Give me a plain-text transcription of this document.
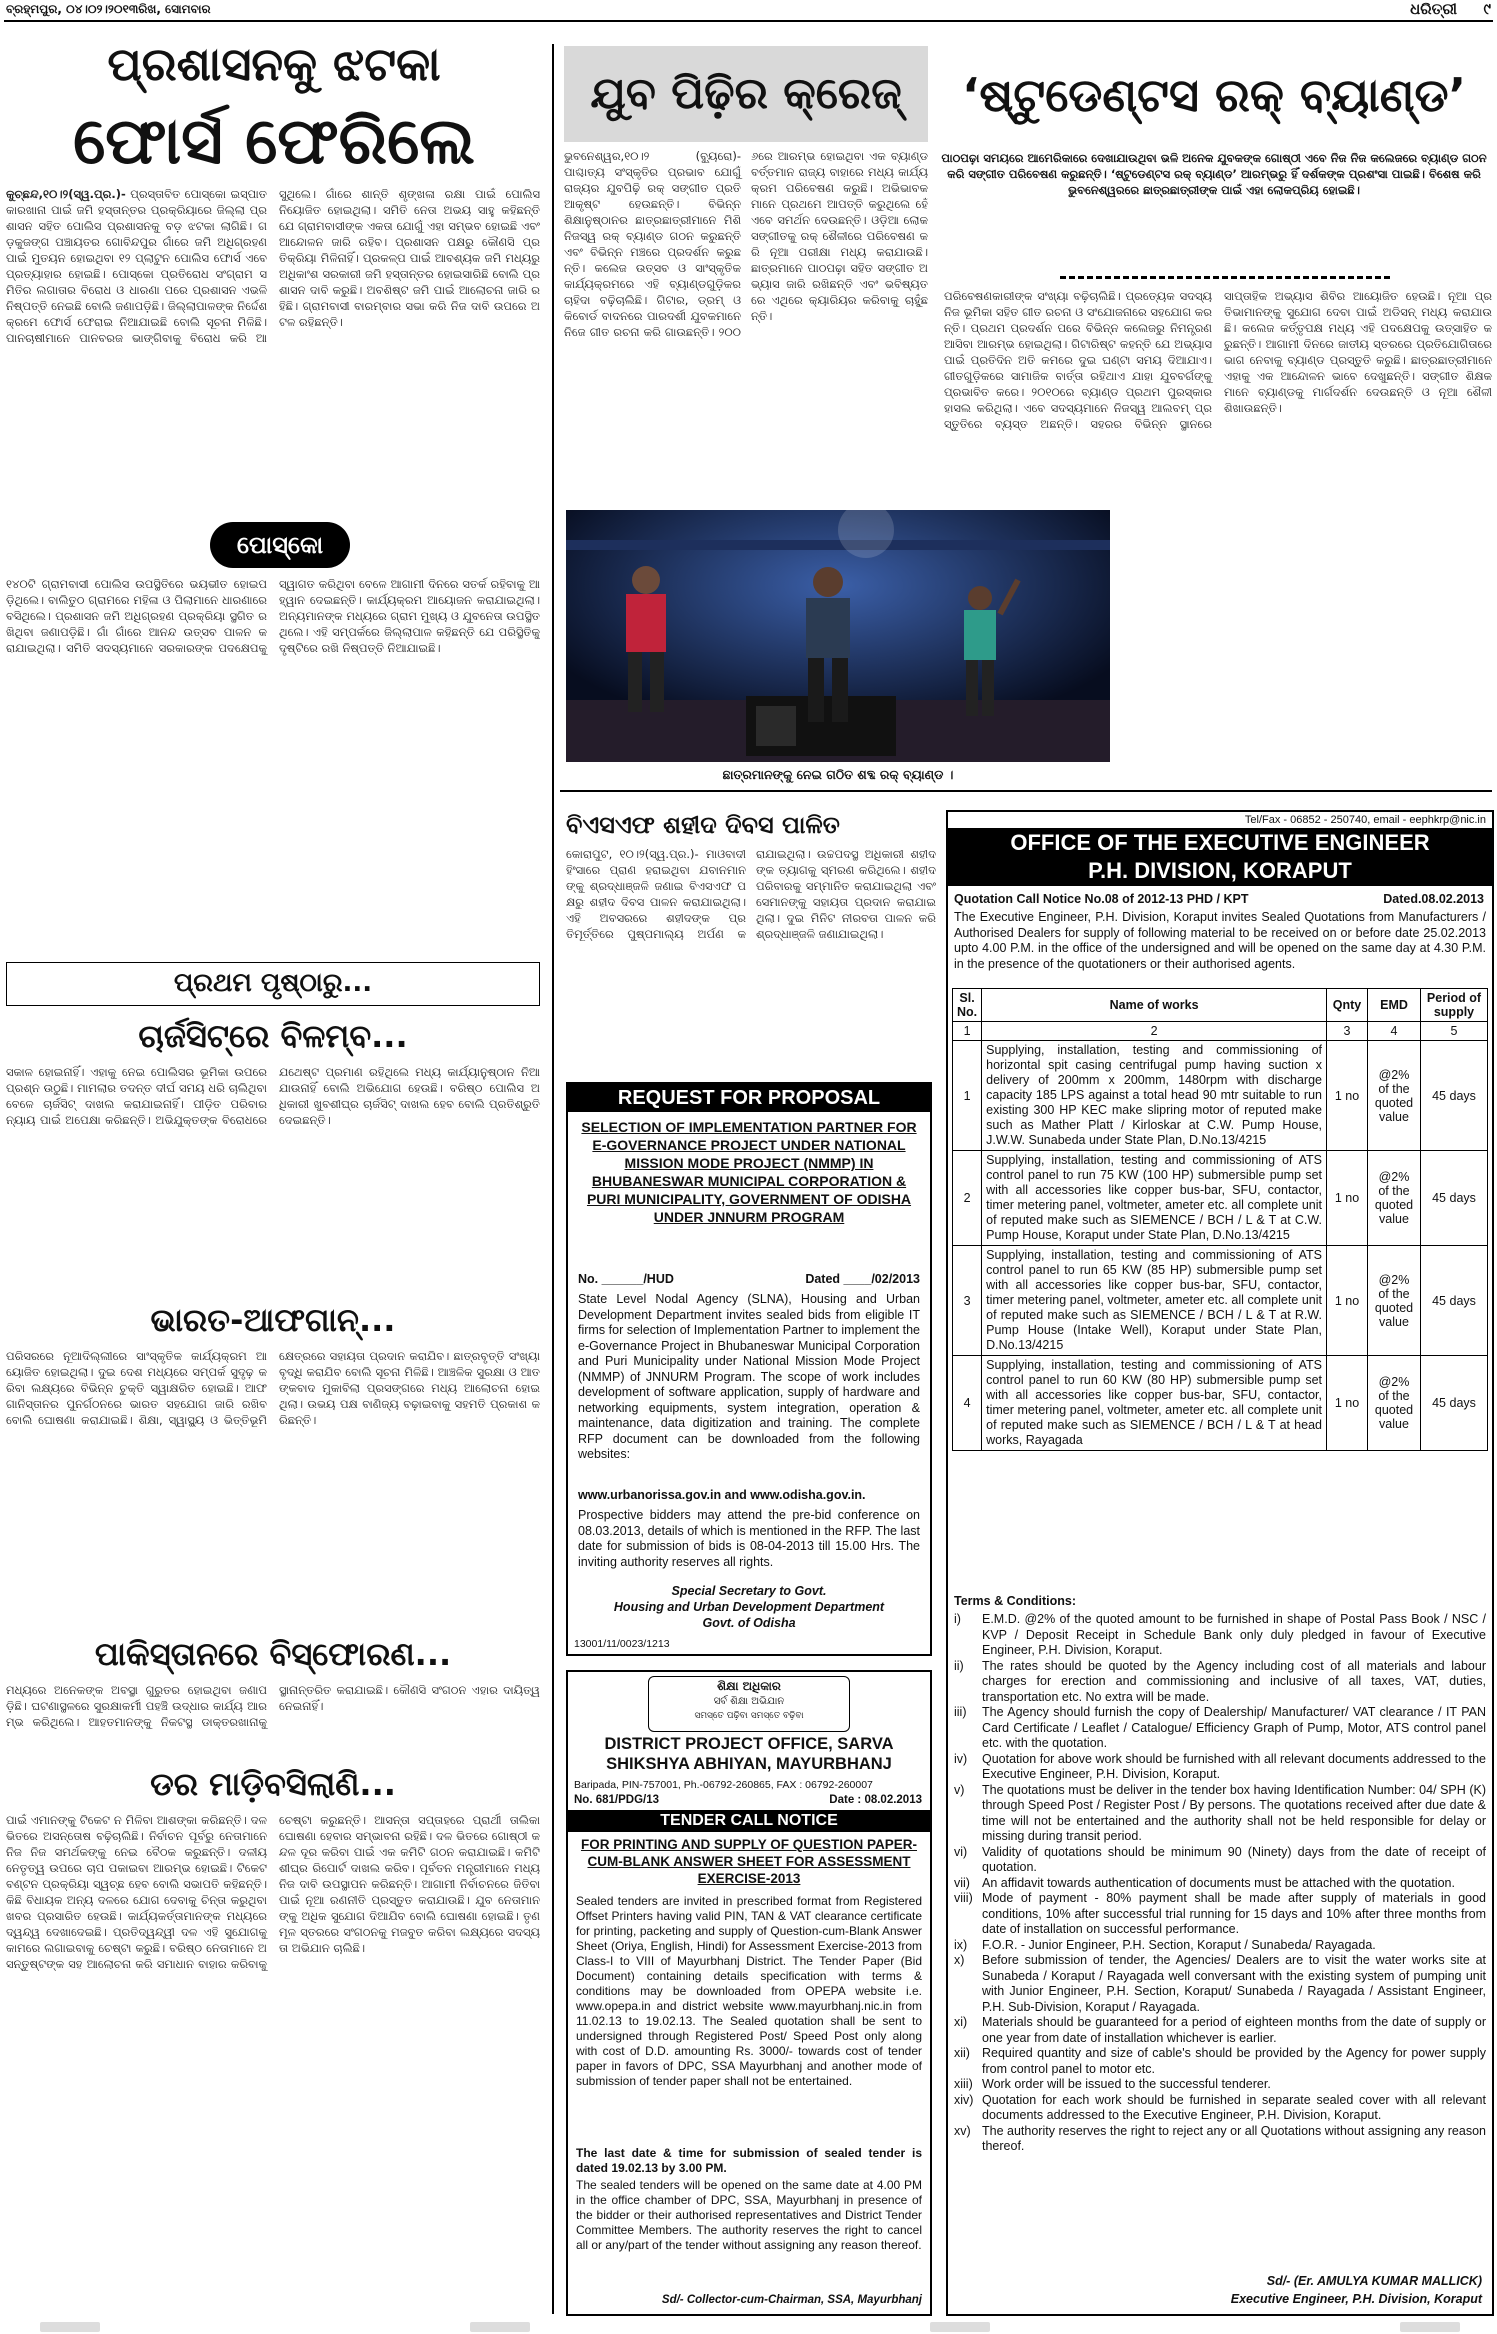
ବ୍ରହ୍ମପୁର, ୦୪।୦୨।୨୦୧୩ରିଖ, ସୋମବାର	ଧରିତ୍ରୀ ୯
ପ୍ରଶାସନକୁ ଝଟକା
ଫୋର୍ସ ଫେରିଲେ
କୁଚ୍ଛନ୍ଦ,୧୦।୨(ସ୍ୱ.ପ୍ର.)- ପ୍ରସ୍ତାବିତ ପୋସ୍କୋ ଇସ୍ପାତ କାରଖାନା ପାଇଁ ଜମି ହସ୍ତାନ୍ତର ପ୍ରକ୍ରିୟାରେ ଜିଲ୍ଲା ପ୍ରଶାସନ ସହିତ ପୋଲିସ ପ୍ରଶାସନକୁ ବଡ଼ ଝଟକା ଲାଗିଛି। ଗଡ଼କୁଜଙ୍ଗ ପଞ୍ଚାୟତର ଗୋବିନ୍ଦପୁର ଗାଁରେ ଜମି ଅଧିଗ୍ରହଣ ପାଇଁ ମୁତୟନ ହୋଇଥିବା ୧୨ ପ୍ଲାଟୁନ ପୋଲିସ ଫୋର୍ସ ଏବେ ପ୍ରତ୍ୟାହାର ହୋଇଛି। ପୋସ୍କୋ ପ୍ରତିରୋଧ ସଂଗ୍ରାମ ସମିତିର ଲଗାତାର ବିରୋଧ ଓ ଧାରଣା ପରେ ପ୍ରଶାସନ ଏଭଳି ନିଷ୍ପତ୍ତି ନେଇଛି ବୋଲି ଜଣାପଡ଼ିଛି। ଜିଲ୍ଲାପାଳଙ୍କ ନିର୍ଦ୍ଦେଶ କ୍ରମେ ଫୋର୍ସ ଫେରାଇ ନିଆଯାଇଛି ବୋଲି ସୂଚନା ମିଳିଛି। ପାନଚାଷୀମାନେ ପାନବରଜ ଭାଙ୍ଗିବାକୁ ବିରୋଧ କରି ଆସୁଥିଲେ। ଗାଁରେ ଶାନ୍ତି ଶୃଙ୍ଖଳା ରକ୍ଷା ପାଇଁ ପୋଲିସ ନିୟୋଜିତ ହୋଇଥିଲା। ସମିତି ନେତା ଅଭୟ ସାହୁ କହିଛନ୍ତି ଯେ ଗ୍ରାମବାସୀଙ୍କ ଏକତା ଯୋଗୁଁ ଏହା ସମ୍ଭବ ହୋଇଛି ଏବଂ ଆନ୍ଦୋଳନ ଜାରି ରହିବ। ପ୍ରଶାସନ ପକ୍ଷରୁ କୌଣସି ପ୍ରତିକ୍ରିୟା ମିଳିନାହିଁ। ପ୍ରକଳ୍ପ ପାଇଁ ଆବଶ୍ୟକ ଜମି ମଧ୍ୟରୁ ଅଧିକାଂଶ ସରକାରୀ ଜମି ହସ୍ତାନ୍ତର ହୋଇସାରିଛି ବୋଲି ପ୍ରଶାସନ ଦାବି କରୁଛି। ଅବଶିଷ୍ଟ ଜମି ପାଇଁ ଆଲୋଚନା ଜାରି ରହିଛି। ଗ୍ରାମବାସୀ ବାରମ୍ବାର ସଭା କରି ନିଜ ଦାବି ଉପରେ ଅଟଳ ରହିଛନ୍ତି।
ପୋସ୍କୋ
୧୪୦ଟି ଗ୍ରାମବାସୀ ପୋଲିସ ଉପସ୍ଥିତିରେ ଭୟଭୀତ ହୋଇପଡ଼ିଥିଲେ। ବାଲିତୁଠ ଗ୍ରାମରେ ମହିଳା ଓ ପିଲାମାନେ ଧାରଣାରେ ବସିଥିଲେ। ପ୍ରଶାସନ ଜମି ଅଧିଗ୍ରହଣ ପ୍ରକ୍ରିୟା ସ୍ଥଗିତ ରଖିଥିବା ଜଣାପଡ଼ିଛି। ଗାଁ ଗାଁରେ ଆନନ୍ଦ ଉତ୍ସବ ପାଳନ କରାଯାଇଥିଲା। ସମିତି ସଦସ୍ୟମାନେ ସରକାରଙ୍କ ପଦକ୍ଷେପକୁ ସ୍ୱାଗତ କରିଥିବା ବେଳେ ଆଗାମୀ ଦିନରେ ସତର୍କ ରହିବାକୁ ଆହ୍ୱାନ ଦେଇଛନ୍ତି। କାର୍ଯ୍ୟକ୍ରମ ଆୟୋଜନ କରାଯାଇଥିଲା। ଅନ୍ୟମାନଙ୍କ ମଧ୍ୟରେ ଗ୍ରାମ ମୁଖ୍ୟ ଓ ଯୁବନେତା ଉପସ୍ଥିତ ଥିଲେ। ଏହି ସମ୍ପର୍କରେ ଜିଲ୍ଲାପାଳ କହିଛନ୍ତି ଯେ ପରିସ୍ଥିତିକୁ ଦୃଷ୍ଟିରେ ରଖି ନିଷ୍ପତ୍ତି ନିଆଯାଇଛି।
ପ୍ରଥମ ପୃଷ୍ଠାରୁ...
ଚାର୍ଜସିଟ୍‌ରେ ବିଳମ୍ବ...
ସକାଳ ହୋଇନାହିଁ। ଏହାକୁ ନେଇ ପୋଲିସର ଭୂମିକା ଉପରେ ପ୍ରଶ୍ନ ଉଠୁଛି। ମାମଲାର ତଦନ୍ତ ଦୀର୍ଘ ସମୟ ଧରି ଚାଲିଥିବା ବେଳେ ଚାର୍ଜସିଟ୍ ଦାଖଲ କରାଯାଇନାହିଁ। ପୀଡ଼ିତ ପରିବାର ନ୍ୟାୟ ପାଇଁ ଅପେକ୍ଷା କରିଛନ୍ତି। ଅଭିଯୁକ୍ତଙ୍କ ବିରୋଧରେ ଯଥେଷ୍ଟ ପ୍ରମାଣ ରହିଥିଲେ ମଧ୍ୟ କାର୍ଯ୍ୟାନୁଷ୍ଠାନ ନିଆଯାଉନାହିଁ ବୋଲି ଅଭିଯୋଗ ହେଉଛି। ବରିଷ୍ଠ ପୋଲିସ ଅଧିକାରୀ ଖୁବଶୀଘ୍ର ଚାର୍ଜସିଟ୍ ଦାଖଲ ହେବ ବୋଲି ପ୍ରତିଶ୍ରୁତି ଦେଇଛନ୍ତି।
ଭାରତ-ଆଫଗାନ୍...
ପରିସରରେ ନୂଆଦିଲ୍ଲୀରେ ସାଂସ୍କୃତିକ କାର୍ଯ୍ୟକ୍ରମ ଆୟୋଜିତ ହୋଇଥିଲା। ଦୁଇ ଦେଶ ମଧ୍ୟରେ ସମ୍ପର୍କ ସୁଦୃଢ଼ କରିବା ଲକ୍ଷ୍ୟରେ ବିଭିନ୍ନ ଚୁକ୍ତି ସ୍ୱାକ୍ଷରିତ ହୋଇଛି। ଆଫଗାନିସ୍ତାନର ପୁନର୍ଗଠନରେ ଭାରତ ସହଯୋଗ ଜାରି ରଖିବ ବୋଲି ଘୋଷଣା କରାଯାଇଛି। ଶିକ୍ଷା, ସ୍ୱାସ୍ଥ୍ୟ ଓ ଭିତ୍ତିଭୂମି କ୍ଷେତ୍ରରେ ସହାୟତା ପ୍ରଦାନ କରାଯିବ। ଛାତ୍ରବୃତ୍ତି ସଂଖ୍ୟା ବୃଦ୍ଧି କରାଯିବ ବୋଲି ସୂଚନା ମିଳିଛି। ଆଞ୍ଚଳିକ ସୁରକ୍ଷା ଓ ଆତଙ୍କବାଦ ମୁକାବିଲା ପ୍ରସଙ୍ଗରେ ମଧ୍ୟ ଆଲୋଚନା ହୋଇଥିଲା। ଉଭୟ ପକ୍ଷ ବାଣିଜ୍ୟ ବଢ଼ାଇବାକୁ ସହମତି ପ୍ରକାଶ କରିଛନ୍ତି।
ପାକିସ୍ତାନରେ ବିସ୍ଫୋରଣ...
ମଧ୍ୟରେ ଅନେକଙ୍କ ଅବସ୍ଥା ଗୁରୁତର ହୋଇଥିବା ଜଣାପଡ଼ିଛି। ଘଟଣାସ୍ଥଳରେ ସୁରକ୍ଷାକର୍ମୀ ପହଞ୍ଚି ଉଦ୍ଧାର କାର୍ଯ୍ୟ ଆରମ୍ଭ କରିଥିଲେ। ଆହତମାନଙ୍କୁ ନିକଟସ୍ଥ ଡାକ୍ତରଖାନାକୁ ସ୍ଥାନାନ୍ତରିତ କରାଯାଇଛି। କୌଣସି ସଂଗଠନ ଏହାର ଦାୟିତ୍ୱ ନେଇନାହିଁ।
ଡର ମାଡ଼ିବସିଲାଣି...
ପାଇଁ ଏମାନଙ୍କୁ ଟିକେଟ ନ ମିଳିବା ଆଶଙ୍କା କରିଛନ୍ତି। ଦଳ ଭିତରେ ଅସନ୍ତୋଷ ବଢ଼ିଚାଲିଛି। ନିର୍ବାଚନ ପୂର୍ବରୁ ନେତାମାନେ ନିଜ ନିଜ ସମର୍ଥକଙ୍କୁ ନେଇ ବୈଠକ କରୁଛନ୍ତି। ଦଳୀୟ ନେତୃତ୍ୱ ଉପରେ ଚାପ ପକାଇବା ଆରମ୍ଭ ହୋଇଛି। ଟିକେଟ ବଣ୍ଟନ ପ୍ରକ୍ରିୟା ସ୍ୱଚ୍ଛ ହେବ ବୋଲି ସଭାପତି କହିଛନ୍ତି। କିଛି ବିଧାୟକ ଅନ୍ୟ ଦଳରେ ଯୋଗ ଦେବାକୁ ଚିନ୍ତା କରୁଥିବା ଖବର ପ୍ରସାରିତ ହେଉଛି। କାର୍ଯ୍ୟକର୍ତ୍ତାମାନଙ୍କ ମଧ୍ୟରେ ଦ୍ୱନ୍ଦ୍ୱ ଦେଖାଦେଇଛି। ପ୍ରତିଦ୍ୱନ୍ଦ୍ୱୀ ଦଳ ଏହି ସୁଯୋଗକୁ କାମରେ ଲଗାଇବାକୁ ଚେଷ୍ଟା କରୁଛି। ବରିଷ୍ଠ ନେତାମାନେ ଅସନ୍ତୁଷ୍ଟଙ୍କ ସହ ଆଲୋଚନା କରି ସମାଧାନ ବାହାର କରିବାକୁ ଚେଷ୍ଟା କରୁଛନ୍ତି। ଆସନ୍ତା ସପ୍ତାହରେ ପ୍ରାର୍ଥୀ ତାଲିକା ଘୋଷଣା ହେବାର ସମ୍ଭାବନା ରହିଛି। ଦଳ ଭିତରେ ଗୋଷ୍ଠୀ କନ୍ଦଳ ଦୂର କରିବା ପାଇଁ ଏକ କମିଟି ଗଠନ କରାଯାଇଛି। କମିଟି ଶୀଘ୍ର ରିପୋର୍ଟ ଦାଖଲ କରିବ। ପୂର୍ବତନ ମନ୍ତ୍ରୀମାନେ ମଧ୍ୟ ନିଜ ଦାବି ଉପସ୍ଥାପନ କରିଛନ୍ତି। ଆଗାମୀ ନିର୍ବାଚନରେ ଜିତିବା ପାଇଁ ନୂଆ ରଣନୀତି ପ୍ରସ୍ତୁତ କରାଯାଉଛି। ଯୁବ ନେତାମାନଙ୍କୁ ଅଧିକ ସୁଯୋଗ ଦିଆଯିବ ବୋଲି ଘୋଷଣା ହୋଇଛି। ତୃଣମୂଳ ସ୍ତରରେ ସଂଗଠନକୁ ମଜବୁତ କରିବା ଲକ୍ଷ୍ୟରେ ସଦସ୍ୟତା ଅଭିଯାନ ଚାଲିଛି।
ଯୁବ ପିଢ଼ିର କ୍ରେଜ୍
ଭୁବନେଶ୍ୱର,୧୦।୨ (ବ୍ୟୁରୋ)- ପାଶ୍ଚାତ୍ୟ ସଂସ୍କୃତିର ପ୍ରଭାବ ଯୋଗୁଁ ରାଜ୍ୟର ଯୁବପିଢ଼ି ରକ୍ ସଙ୍ଗୀତ ପ୍ରତି ଆକୃଷ୍ଟ ହେଉଛନ୍ତି। ବିଭିନ୍ନ ଶିକ୍ଷାନୁଷ୍ଠାନର ଛାତ୍ରଛାତ୍ରୀମାନେ ମିଶି ନିଜସ୍ୱ ରକ୍ ବ୍ୟାଣ୍ଡ ଗଠନ କରୁଛନ୍ତି ଏବଂ ବିଭିନ୍ନ ମଞ୍ଚରେ ପ୍ରଦର୍ଶନ କରୁଛନ୍ତି। କଲେଜ ଉତ୍ସବ ଓ ସାଂସ୍କୃତିକ କାର୍ଯ୍ୟକ୍ରମରେ ଏହି ବ୍ୟାଣ୍ଡଗୁଡ଼ିକର ଚାହିଦା ବଢ଼ିଚାଲିଛି। ଗିଟାର, ଡ୍ରମ୍ ଓ କିବୋର୍ଡ ବାଦନରେ ପାରଦର୍ଶୀ ଯୁବକମାନେ ନିଜେ ଗୀତ ରଚନା କରି ଗାଉଛନ୍ତି। ୨୦୦୬ରେ ଆରମ୍ଭ ହୋଇଥିବା ଏକ ବ୍ୟାଣ୍ଡ ବର୍ତ୍ତମାନ ରାଜ୍ୟ ବାହାରେ ମଧ୍ୟ କାର୍ଯ୍ୟକ୍ରମ ପରିବେଷଣ କରୁଛି। ଅଭିଭାବକମାନେ ପ୍ରଥମେ ଆପତ୍ତି କରୁଥିଲେ ହେଁ ଏବେ ସମର୍ଥନ ଦେଉଛନ୍ତି। ଓଡ଼ିଆ ଲୋକସଙ୍ଗୀତକୁ ରକ୍ ଶୈଳୀରେ ପରିବେଷଣ କରି ନୂଆ ପରୀକ୍ଷା ମଧ୍ୟ କରାଯାଉଛି। ଛାତ୍ରମାନେ ପାଠପଢ଼ା ସହିତ ସଙ୍ଗୀତ ଅଭ୍ୟାସ ଜାରି ରଖିଛନ୍ତି ଏବଂ ଭବିଷ୍ୟତରେ ଏଥିରେ କ୍ୟାରିୟର କରିବାକୁ ଚାହୁଁଛନ୍ତି।
‘ଷ୍ଟୁଡେଣ୍ଟସ ରକ୍ ବ୍ୟାଣ୍ଡ’
ପାଠପଢ଼ା ସମୟରେ ଆମେରିକାରେ ଦେଖାଯାଉଥିବା ଭଳି ଅନେକ ଯୁବକଙ୍କ ଗୋଷ୍ଠୀ ଏବେ ନିଜ ନିଜ କଲେଜରେ ବ୍ୟାଣ୍ଡ ଗଠନ କରି ସଙ୍ଗୀତ ପରିବେଷଣ କରୁଛନ୍ତି। ‘ଷ୍ଟୁଡେଣ୍ଟସ ରକ୍ ବ୍ୟାଣ୍ଡ’ ଆରମ୍ଭରୁ ହିଁ ଦର୍ଶକଙ୍କ ପ୍ରଶଂସା ପାଇଛି। ବିଶେଷ କରି ଭୁବନେଶ୍ୱରରେ ଛାତ୍ରଛାତ୍ରୀଙ୍କ ପାଇଁ ଏହା ଲୋକପ୍ରିୟ ହୋଇଛି।
ପରିବେଷଣକାରୀଙ୍କ ସଂଖ୍ୟା ବଢ଼ିଚାଲିଛି। ପ୍ରତ୍ୟେକ ସଦସ୍ୟ ନିଜ ଭୂମିକା ସହିତ ଗୀତ ରଚନା ଓ ସଂଯୋଜନାରେ ସହଯୋଗ କରନ୍ତି। ପ୍ରଥମ ପ୍ରଦର୍ଶନ ପରେ ବିଭିନ୍ନ କଲେଜରୁ ନିମନ୍ତ୍ରଣ ଆସିବା ଆରମ୍ଭ ହୋଇଥିଲା। ଗିଟାରିଷ୍ଟ କହନ୍ତି ଯେ ଅଭ୍ୟାସ ପାଇଁ ପ୍ରତିଦିନ ଅତି କମରେ ଦୁଇ ଘଣ୍ଟା ସମୟ ଦିଆଯାଏ। ଗୀତଗୁଡ଼ିକରେ ସାମାଜିକ ବାର୍ତ୍ତା ରହିଥାଏ ଯାହା ଯୁବବର୍ଗଙ୍କୁ ପ୍ରଭାବିତ କରେ। ୨୦୧୦ରେ ବ୍ୟାଣ୍ଡ ପ୍ରଥମ ପୁରସ୍କାର ହାସଲ କରିଥିଲା। ଏବେ ସଦସ୍ୟମାନେ ନିଜସ୍ୱ ଆଲବମ୍ ପ୍ରସ୍ତୁତିରେ ବ୍ୟସ୍ତ ଅଛନ୍ତି। ସହରର ବିଭିନ୍ନ ସ୍ଥାନରେ ସାପ୍ତାହିକ ଅଭ୍ୟାସ ଶିବିର ଆୟୋଜିତ ହେଉଛି। ନୂଆ ପ୍ରତିଭାମାନଙ୍କୁ ସୁଯୋଗ ଦେବା ପାଇଁ ଅଡିସନ୍ ମଧ୍ୟ କରାଯାଉଛି। କଲେଜ କର୍ତ୍ତୃପକ୍ଷ ମଧ୍ୟ ଏହି ପଦକ୍ଷେପକୁ ଉତ୍ସାହିତ କରୁଛନ୍ତି। ଆଗାମୀ ଦିନରେ ଜାତୀୟ ସ୍ତରରେ ପ୍ରତିଯୋଗିତାରେ ଭାଗ ନେବାକୁ ବ୍ୟାଣ୍ଡ ପ୍ରସ୍ତୁତି କରୁଛି। ଛାତ୍ରଛାତ୍ରୀମାନେ ଏହାକୁ ଏକ ଆନ୍ଦୋଳନ ଭାବେ ଦେଖୁଛନ୍ତି। ସଙ୍ଗୀତ ଶିକ୍ଷକମାନେ ବ୍ୟାଣ୍ଡକୁ ମାର୍ଗଦର୍ଶନ ଦେଉଛନ୍ତି ଓ ନୂଆ ଶୈଳୀ ଶିଖାଉଛନ୍ତି।
ଛାତ୍ରମାନଙ୍କୁ ନେଇ ଗଠିତ ଶବ୍ଦ ରକ୍ ବ୍ୟାଣ୍ଡ ।
ବିଏସଏଫ ଶହୀଦ ଦିବସ ପାଳିତ
କୋରାପୁଟ, ୧୦।୨(ସ୍ୱ.ପ୍ର.)- ମାଓବାଦୀ ହିଂସାରେ ପ୍ରାଣ ହରାଇଥିବା ଯବାନମାନଙ୍କୁ ଶ୍ରଦ୍ଧାଞ୍ଜଳି ଜଣାଇ ବିଏସଏଫ ପକ୍ଷରୁ ଶହୀଦ ଦିବସ ପାଳନ କରାଯାଇଥିଲା। ଏହି ଅବସରରେ ଶହୀଦଙ୍କ ପ୍ରତିମୂର୍ତ୍ତିରେ ପୁଷ୍ପମାଲ୍ୟ ଅର୍ପଣ କରାଯାଇଥିଲା। ଉଚ୍ଚପଦସ୍ଥ ଅଧିକାରୀ ଶହୀଦଙ୍କ ତ୍ୟାଗକୁ ସ୍ମରଣ କରିଥିଲେ। ଶହୀଦ ପରିବାରକୁ ସମ୍ମାନିତ କରାଯାଇଥିଲା ଏବଂ ସେମାନଙ୍କୁ ସହାୟତା ପ୍ରଦାନ କରାଯାଇଥିଲା। ଦୁଇ ମିନିଟ ନୀରବତା ପାଳନ କରି ଶ୍ରଦ୍ଧାଞ୍ଜଳି ଜଣାଯାଇଥିଲା।
REQUEST FOR PROPOSAL
SELECTION OF IMPLEMENTATION PARTNER FOR E-GOVERNANCE PROJECT UNDER NATIONAL MISSION MODE PROJECT (NMMP) IN BHUBANESWAR MUNICIPAL CORPORATION & PURI MUNICIPALITY, GOVERNMENT OF ODISHA UNDER JNNURM PROGRAM
No. ______/HUD	Dated ____/02/2013
State Level Nodal Agency (SLNA), Housing and Urban Development Department invites sealed bids from eligible IT firms for selection of Implementation Partner to implement the e-Governance Project in Bhubaneswar Municipal Corporation and Puri Municipality under National Mission Mode Project (NMMP) of JNNURM Program. The scope of work includes development of software application, supply of hardware and networking equipments, system integration, operation & maintenance, data digitization and training. The complete RFP document can be downloaded from the following websites:
www.urbanorissa.gov.in and www.odisha.gov.in.
Prospective bidders may attend the pre-bid conference on 08.03.2013, details of which is mentioned in the RFP. The last date for submission of bids is 08-04-2013 till 15.00 Hrs. The inviting authority reserves all rights.
Special Secretary to Govt.
Housing and Urban Development Department
Govt. of Odisha
13001/11/0023/1213
ଶିକ୍ଷା ଅଧିକାର
ସର୍ବ ଶିକ୍ଷା ଅଭିଯାନ
ସମସ୍ତେ ପଢ଼ିବା ସମସ୍ତେ ବଢ଼ିବା
DISTRICT PROJECT OFFICE, SARVA SHIKSHYA ABHIYAN, MAYURBHANJ
Baripada, PIN-757001, Ph.-06792-260865, FAX : 06792-260007
No. 681/PDG/13	Date : 08.02.2013
TENDER CALL NOTICE
FOR PRINTING AND SUPPLY OF QUESTION PAPER-CUM-BLANK ANSWER SHEET FOR ASSESSMENT EXERCISE-2013
Sealed tenders are invited in prescribed format from Registered Offset Printers having valid PIN, TAN & VAT clearance certificate for printing, packeting and supply of Question-cum-Blank Answer Sheet (Oriya, English, Hindi) for Assessment Exercise-2013 from Class-I to VIII of Mayurbhanj District. The Tender Paper (Bid Document) containing details specification with terms & conditions may be downloaded from OPEPA website i.e. www.opepa.in and district website www.mayurbhanj.nic.in from 11.02.13 to 19.02.13. The Sealed quotation shall be sent to undersigned through Registered Post/ Speed Post only along with cost of D.D. amounting Rs. 3000/- towards cost of tender paper in favors of DPC, SSA Mayurbhanj and another mode of submission of tender paper shall not be entertained.
The last date & time for submission of sealed tender is dated 19.02.13 by 3.00 PM.
The sealed tenders will be opened on the same date at 4.00 PM in the office chamber of DPC, SSA, Mayurbhanj in presence of the bidder or their authorised representatives and District Tender Committee Members. The authority reserves the right to cancel all or any/part of the tender without assigning any reason thereof.
Sd/- Collector-cum-Chairman, SSA, Mayurbhanj
Tel/Fax - 06852 - 250740, email - eephkrp@nic.in
OFFICE OF THE EXECUTIVE ENGINEER
P.H. DIVISION, KORAPUT
Quotation Call Notice No.08 of 2012-13 PHD / KPT	Dated.08.02.2013
The Executive Engineer, P.H. Division, Koraput invites Sealed Quotations from Manufacturers / Authorised Dealers for supply of following material to be received on or before date 25.02.2013 upto 4.00 P.M. in the office of the undersigned and will be opened on the same day at 4.30 P.M. in the presence of the quotationers or their authorised agents.
Sl. No.	Name of works	Qnty	EMD	Period of supply
1	2	3	4	5
1	Supplying, installation, testing and commissioning of horizontal spit casing centrifugal pump having suction x delivery of 200mm x 200mm, 1480rpm with discharge capacity 185 LPS against a total head 90 mtr suitable to run existing 300 HP KEC make slipring motor of reputed make such as Mather Platt / Kirloskar at C.W. Pump House, J.W.W. Sunabeda under State Plan, D.No.13/4215	1 no	@2% of the quoted value	45 days
2	Supplying, installation, testing and commissioning of ATS control panel to run 75 KW (100 HP) submersible pump set with all accessories like copper bus-bar, SFU, contactor, timer metering panel, voltmeter, ameter etc. all complete unit of reputed make such as SIEMENCE / BCH / L & T at C.W. Pump House, Koraput under State Plan, D.No.13/4215	1 no	@2% of the quoted value	45 days
3	Supplying, installation, testing and commissioning of ATS control panel to run 65 KW (85 HP) submersible pump set with all accessories like copper bus-bar, SFU, contactor, timer metering panel, voltmeter, ameter etc. all complete unit of reputed make such as SIEMENCE / BCH / L & T at R.W. Pump House (Intake Well), Koraput under State Plan, D.No.13/4215	1 no	@2% of the quoted value	45 days
4	Supplying, installation, testing and commissioning of ATS control panel to run 60 KW (80 HP) submersible pump set with all accessories like copper bus-bar, SFU, contactor, timer metering panel, voltmeter, ameter etc. all complete unit of reputed make such as SIEMENCE / BCH / L & T at head works, Rayagada	1 no	@2% of the quoted value	45 days
Terms & Conditions:
i)	E.M.D. @2% of the quoted amount to be furnished in shape of Postal Pass Book / NSC / KVP / Deposit Receipt in Schedule Bank only duly pledged in favour of Executive Engineer, P.H. Division, Koraput.
ii)	The rates should be quoted by the Agency including cost of all materials and labour charges for erection and commissioning and inclusive of all taxes, VAT, duties, transportation etc. No extra will be made.
iii)	The Agency should furnish the copy of Dealership/ Manufacturer/ VAT clearance / IT PAN Card Certificate / Leaflet / Catalogue/ Efficiency Graph of Pump, Motor, ATS control panel etc. with the quotation.
iv)	Quotation for above work should be furnished with all relevant documents addressed to the Executive Engineer, P.H. Division, Koraput.
v)	The quotations must be deliver in the tender box having Identification Number: 04/ SPH (K) through Speed Post / Register Post / By persons. The quotations received after due date & time will not be entertained and the authority shall not be held responsible for delay or missing during transit period.
vi)	Validity of quotations should be minimum 90 (Ninety) days from the date of receipt of quotation.
vii) An affidavit towards authentication of documents must be attached with the quotation.
viii) Mode of payment - 80% payment shall be made after supply of materials in good conditions, 10% after successful trial running for 15 days and 10% after three months from date of installation on successful performance.
ix)	F.O.R. - Junior Engineer, P.H. Section, Koraput / Sunabeda/ Rayagada.
x)	Before submission of tender, the Agencies/ Dealers are to visit the water works site at Sunabeda / Koraput / Rayagada well conversant with the existing system of pumping unit with Junior Engineer, P.H. Section, Koraput/ Sunabeda / Rayagada / Assistant Engineer, P.H. Sub-Division, Koraput / Rayagada.
xi)	Materials should be guaranteed for a period of eighteen months from the date of supply or one year from date of installation whichever is earlier.
xii) Required quantity and size of cable's should be provided by the Agency for power supply from control panel to motor etc.
xiii) Work order will be issued to the successful tenderer.
xiv) Quotation for each work should be furnished in separate sealed cover with all relevant documents addressed to the Executive Engineer, P.H. Division, Koraput.
xv) The authority reserves the right to reject any or all Quotations without assigning any reason thereof.
Sd/- (Er. AMULYA KUMAR MALLICK)
Executive Engineer, P.H. Division, Koraput
